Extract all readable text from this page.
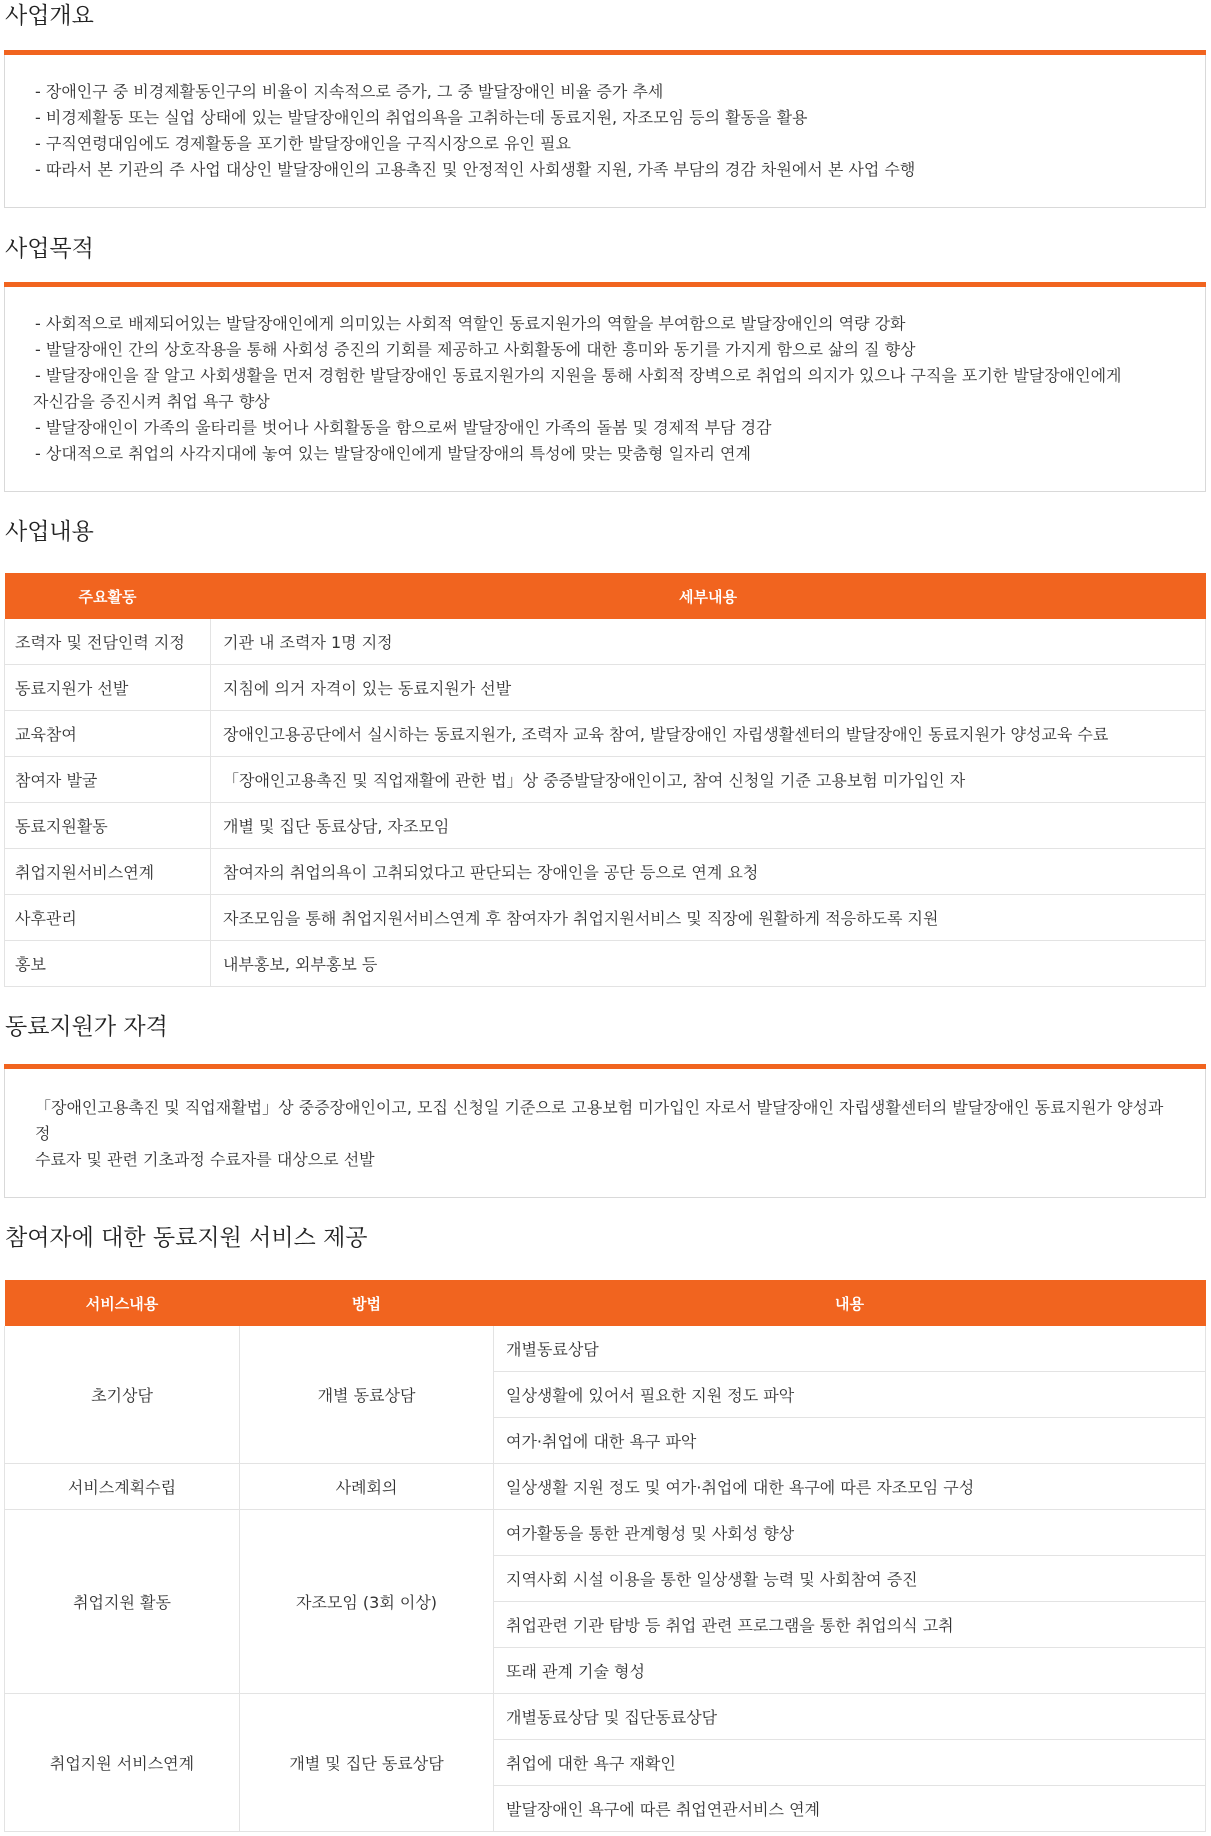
사업개요

- 장애인구 중 비경제활동인구의 비율이 지속적으로 증가, 그 중 발달장애인 비율 증가 추세

- 비경제활동 또는 실업 상태에 있는 발달장애인의 취업의욕을 고취하는데 동료지원, 자조모임 등의 활동을 활용

- 구직연령대임에도 경제활동을 포기한 발달장애인을 구직시장으로 유인 필요

- 따라서 본 기관의 주 사업 대상인 발달장애인의 고용촉진 및 안정적인 사회생활 지원, 가족 부담의 경감 차원에서 본 사업 수행

사업목적

- 사회적으로 배제되어있는 발달장애인에게 의미있는 사회적 역할인 동료지원가의 역할을 부여함으로 발달장애인의 역량 강화

- 발달장애인 간의 상호작용을 통해 사회성 증진의 기회를 제공하고 사회활동에 대한 흥미와 동기를 가지게 함으로 삶의 질 향상

- 발달장애인을 잘 알고 사회생활을 먼저 경험한 발달장애인 동료지원가의 지원을 통해 사회적 장벽으로 취업의 의지가 있으나 구직을 포기한 발달장애인에게

자신감을 증진시켜 취업 욕구 향상

- 발달장애인이 가족의 울타리를 벗어나 사회활동을 함으로써 발달장애인 가족의 돌봄 및 경제적 부담 경감

- 상대적으로 취업의 사각지대에 놓여 있는 발달장애인에게 발달장애의 특성에 맞는 맞춤형 일자리 연계

사업내용
주요활동	세부내용
조력자 및 전담인력 지정	기관 내 조력자 1명 지정
동료지원가 선발	지침에 의거 자격이 있는 동료지원가 선발
교육참여	장애인고용공단에서 실시하는 동료지원가, 조력자 교육 참여, 발달장애인 자립생활센터의 발달장애인 동료지원가 양성교육 수료
참여자 발굴	「장애인고용촉진 및 직업재활에 관한 법」상 중증발달장애인이고, 참여 신청일 기준 고용보험 미가입인 자
동료지원활동	개별 및 집단 동료상담, 자조모임
취업지원서비스연계	참여자의 취업의욕이 고취되었다고 판단되는 장애인을 공단 등으로 연계 요청
사후관리	자조모임을 통해 취업지원서비스연계 후 참여자가 취업지원서비스 및 직장에 원활하게 적응하도록 지원
홍보	내부홍보, 외부홍보 등
동료지원가 자격

「장애인고용촉진 및 직업재활법」상 중증장애인이고, 모집 신청일 기준으로 고용보험 미가입인 자로서 발달장애인 자립생활센터의 발달장애인 동료지원가 양성과정

수료자 및 관련 기초과정 수료자를 대상으로 선발

참여자에 대한 동료지원 서비스 제공
서비스내용	방법	내용
초기상담	개별 동료상담	개별동료상담
		일상생활에 있어서 필요한 지원 정도 파악
		여가·취업에 대한 욕구 파악
서비스계획수립	사례회의	일상생활 지원 정도 및 여가·취업에 대한 욕구에 따른 자조모임 구성
취업지원 활동	자조모임 (3회 이상)	여가활동을 통한 관계형성 및 사회성 향상
		지역사회 시설 이용을 통한 일상생활 능력 및 사회참여 증진
		취업관련 기관 탐방 등 취업 관련 프로그램을 통한 취업의식 고취
		또래 관계 기술 형성
취업지원 서비스연계	개별 및 집단 동료상담	개별동료상담 및 집단동료상담
		취업에 대한 욕구 재확인
		발달장애인 욕구에 따른 취업연관서비스 연계
